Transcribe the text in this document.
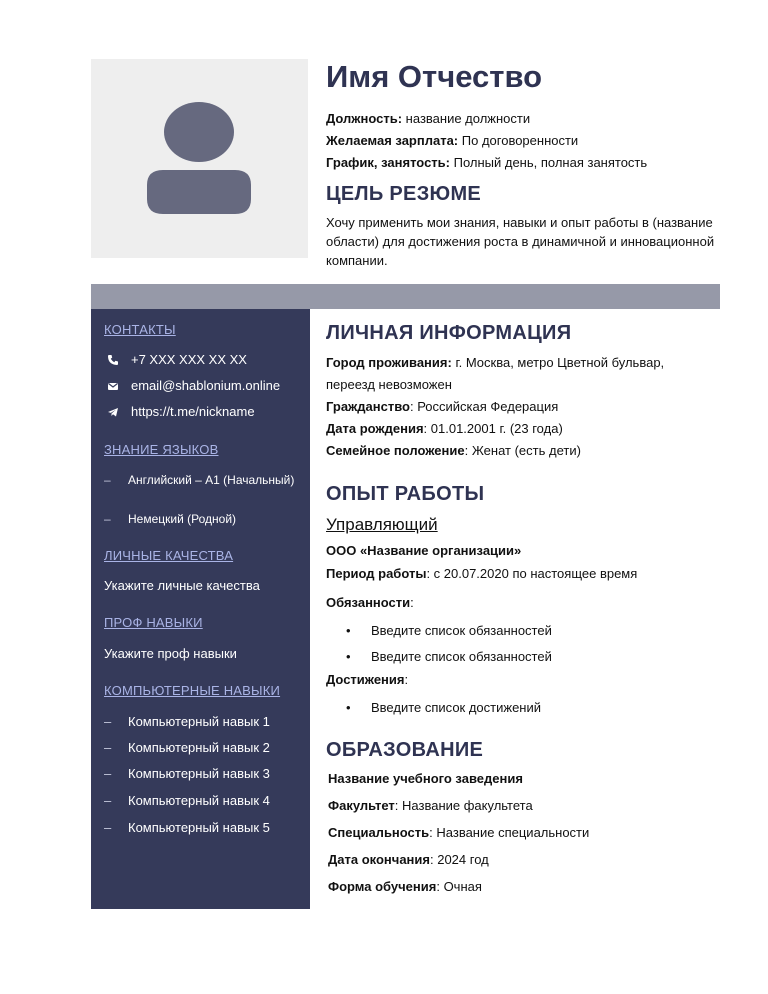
Имя Отчество

Должность: название должности

Желаемая зарплата: По договоренности

График, занятость: Полный день, полная занятость

ЦЕЛЬ РЕЗЮМЕ
Хочу применить мои знания, навыки и опыт работы в (название области) для достижения роста в динамичной и инновационной компании.
КОНТАКТЫ
+7 XXX XXX XX XX
email@shablonium.online
https://t.me/nickname
ЗНАНИЕ ЯЗЫКОВ
– Английский – A1 (Начальный)
– Немецкий (Родной)
ЛИЧНЫЕ КАЧЕСТВА
Укажите личные качества
ПРОФ НАВЫКИ
Укажите проф навыки
КОМПЬЮТЕРНЫЕ НАВЫКИ
– Компьютерный навык 1
– Компьютерный навык 2
– Компьютерный навык 3
– Компьютерный навык 4
– Компьютерный навык 5
ЛИЧНАЯ ИНФОРМАЦИЯ

Город проживания: г. Москва, метро Цветной бульвар,

переезд невозможен

Гражданство: Российская Федерация

Дата рождения: 01.01.2001 г. (23 года)

Семейное положение: Женат (есть дети)

ОПЫТ РАБОТЫ
Управляющий

ООО «Название организации»

Период работы: с 20.07.2020 по настоящее время

Обязанности:

• Введите список обязанностей
• Введите список обязанностей

Достижения:

• Введите список достижений
ОБРАЗОВАНИЕ

Название учебного заведения

Факультет: Название факультета

Специальность: Название специальности

Дата окончания: 2024 год

Форма обучения: Очная
